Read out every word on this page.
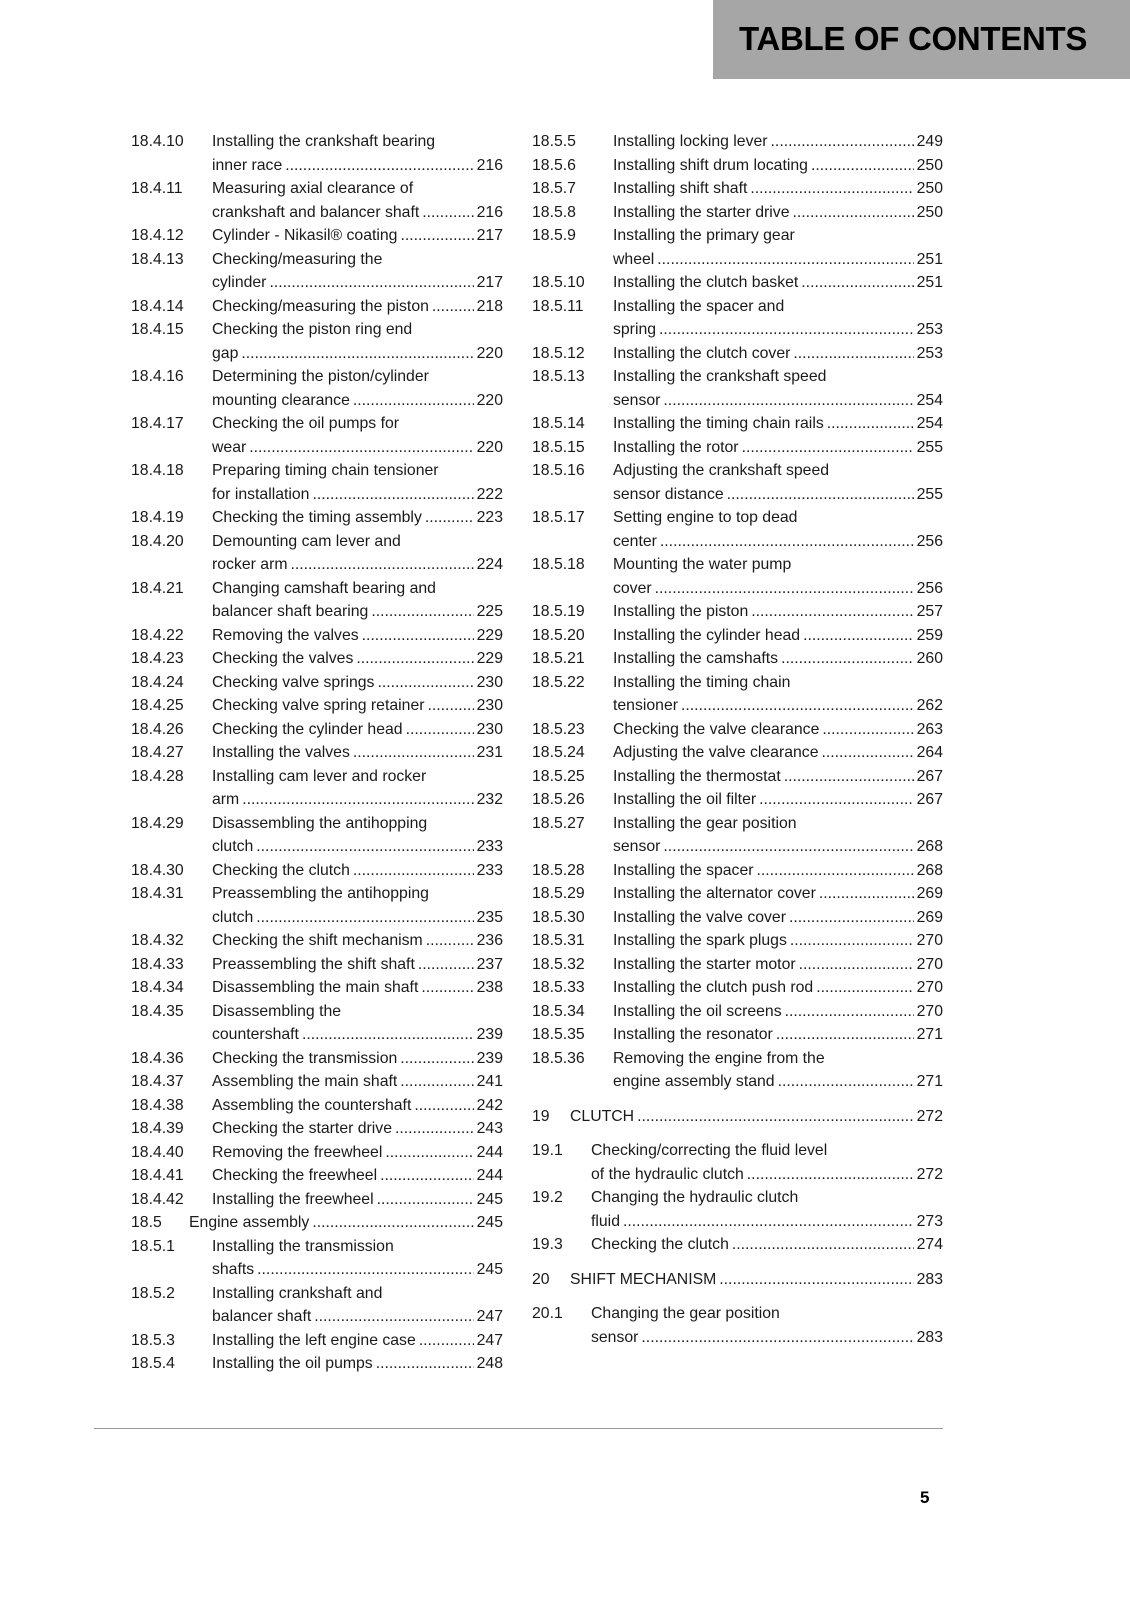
TABLE OF CONTENTS
18.4.10 Installing the crankshaft bearing
inner race .....	216
18.4.11 Measuring axial clearance of
crankshaft and balancer shaft .....	216
18.4.12 Cylinder - Nikasil® coating .....	217
18.4.13 Checking/measuring the
cylinder .....	217
18.4.14 Checking/measuring the piston .....	218
18.4.15 Checking the piston ring end
gap .....	220
18.4.16 Determining the piston/cylinder
mounting clearance .....	220
18.4.17 Checking the oil pumps for
wear .....	220
18.4.18 Preparing timing chain tensioner
for installation .....	222
18.4.19 Checking the timing assembly .....	223
18.4.20 Demounting cam lever and
rocker arm .....	224
18.4.21 Changing camshaft bearing and
balancer shaft bearing .....	225
18.4.22 Removing the valves .....	229
18.4.23 Checking the valves .....	229
18.4.24 Checking valve springs .....	230
18.4.25 Checking valve spring retainer .....	230
18.4.26 Checking the cylinder head .....	230
18.4.27 Installing the valves .....	231
18.4.28 Installing cam lever and rocker
arm .....	232
18.4.29 Disassembling the antihopping
clutch .....	233
18.4.30 Checking the clutch .....	233
18.4.31 Preassembling the antihopping
clutch .....	235
18.4.32 Checking the shift mechanism .....	236
18.4.33 Preassembling the shift shaft .....	237
18.4.34 Disassembling the main shaft .....	238
18.4.35 Disassembling the
countershaft .....	239
18.4.36 Checking the transmission .....	239
18.4.37 Assembling the main shaft .....	241
18.4.38 Assembling the countershaft .....	242
18.4.39 Checking the starter drive .....	243
18.4.40 Removing the freewheel .....	244
18.4.41 Checking the freewheel .....	244
18.4.42 Installing the freewheel .....	245
18.5 Engine assembly .....	245
18.5.1 Installing the transmission
shafts .....	245
18.5.2 Installing crankshaft and
balancer shaft .....	247
18.5.3 Installing the left engine case .....	247
18.5.4 Installing the oil pumps .....	248
18.5.5 Installing locking lever .....	249
18.5.6 Installing shift drum locating .....	250
18.5.7 Installing shift shaft .....	250
18.5.8 Installing the starter drive .....	250
18.5.9 Installing the primary gear
wheel .....	251
18.5.10 Installing the clutch basket .....	251
18.5.11 Installing the spacer and
spring .....	253
18.5.12 Installing the clutch cover .....	253
18.5.13 Installing the crankshaft speed
sensor .....	254
18.5.14 Installing the timing chain rails .....	254
18.5.15 Installing the rotor .....	255
18.5.16 Adjusting the crankshaft speed
sensor distance .....	255
18.5.17 Setting engine to top dead
center .....	256
18.5.18 Mounting the water pump
cover .....	256
18.5.19 Installing the piston .....	257
18.5.20 Installing the cylinder head .....	259
18.5.21 Installing the camshafts .....	260
18.5.22 Installing the timing chain
tensioner .....	262
18.5.23 Checking the valve clearance .....	263
18.5.24 Adjusting the valve clearance .....	264
18.5.25 Installing the thermostat .....	267
18.5.26 Installing the oil filter .....	267
18.5.27 Installing the gear position
sensor .....	268
18.5.28 Installing the spacer .....	268
18.5.29 Installing the alternator cover .....	269
18.5.30 Installing the valve cover .....	269
18.5.31 Installing the spark plugs .....	270
18.5.32 Installing the starter motor .....	270
18.5.33 Installing the clutch push rod .....	270
18.5.34 Installing the oil screens .....	270
18.5.35 Installing the resonator .....	271
18.5.36 Removing the engine from the
engine assembly stand .....	271
19 CLUTCH .....	272
19.1 Checking/correcting the fluid level
of the hydraulic clutch .....	272
19.2 Changing the hydraulic clutch
fluid .....	273
19.3 Checking the clutch .....	274
20 SHIFT MECHANISM .....	283
20.1 Changing the gear position
sensor .....	283
5
